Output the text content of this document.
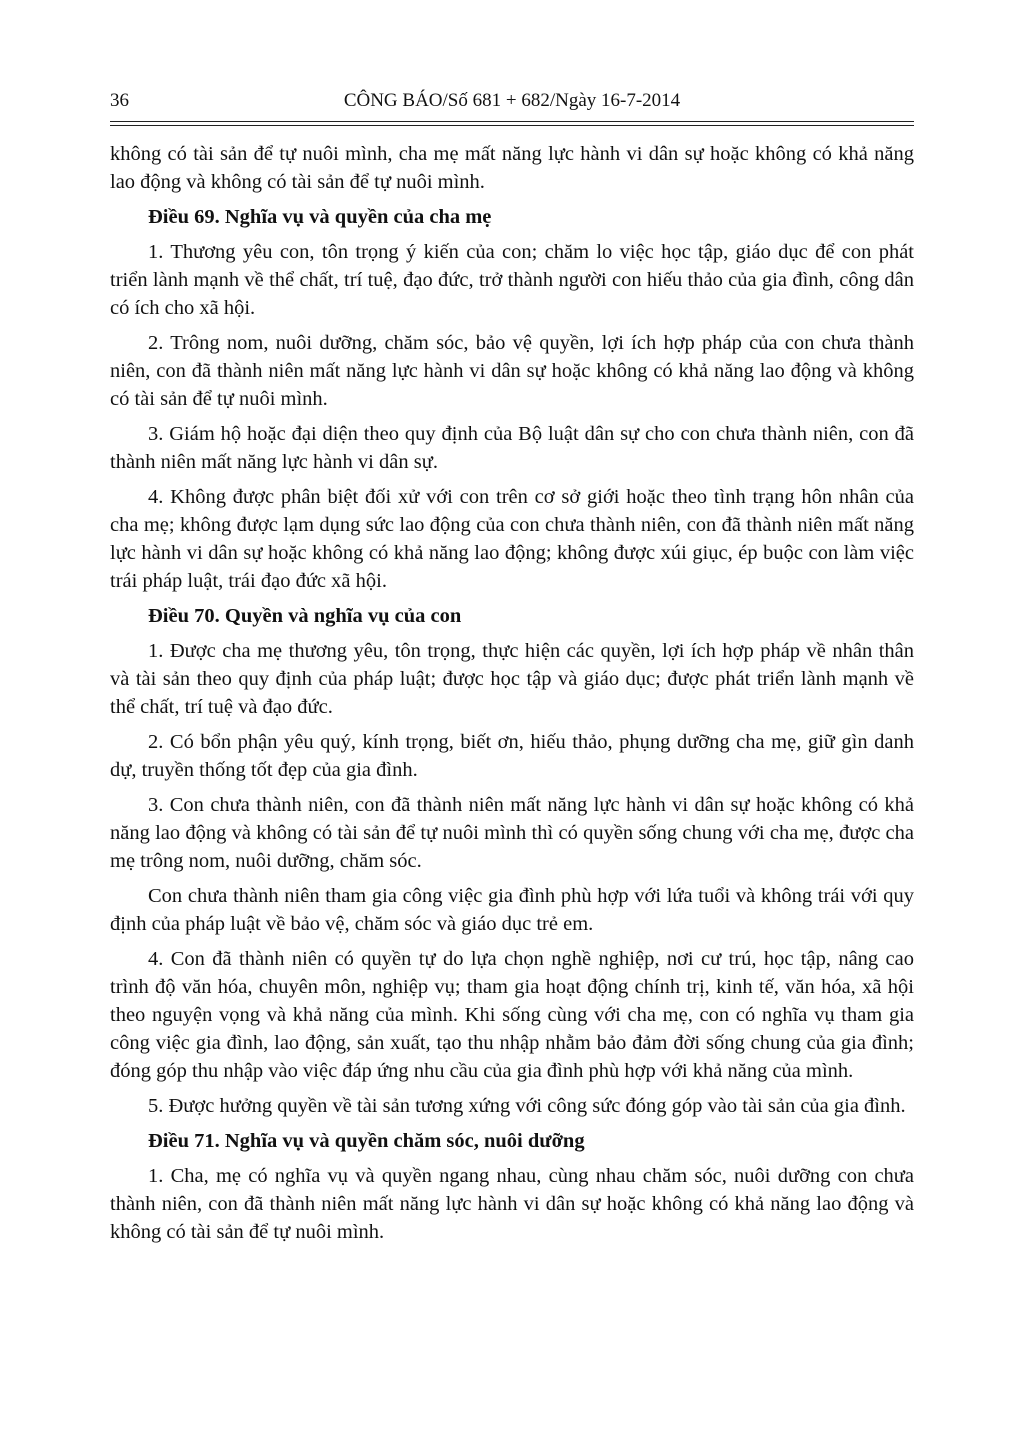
36	CÔNG BÁO/Số 681 + 682/Ngày 16-7-2014

không có tài sản để tự nuôi mình, cha mẹ mất năng lực hành vi dân sự hoặc không có khả năng lao động và không có tài sản để tự nuôi mình.

Điều 69. Nghĩa vụ và quyền của cha mẹ

1. Thương yêu con, tôn trọng ý kiến của con; chăm lo việc học tập, giáo dục để con phát triển lành mạnh về thể chất, trí tuệ, đạo đức, trở thành người con hiếu thảo của gia đình, công dân có ích cho xã hội.

2. Trông nom, nuôi dưỡng, chăm sóc, bảo vệ quyền, lợi ích hợp pháp của con chưa thành niên, con đã thành niên mất năng lực hành vi dân sự hoặc không có khả năng lao động và không có tài sản để tự nuôi mình.

3. Giám hộ hoặc đại diện theo quy định của Bộ luật dân sự cho con chưa thành niên, con đã thành niên mất năng lực hành vi dân sự.

4. Không được phân biệt đối xử với con trên cơ sở giới hoặc theo tình trạng hôn nhân của cha mẹ; không được lạm dụng sức lao động của con chưa thành niên, con đã thành niên mất năng lực hành vi dân sự hoặc không có khả năng lao động; không được xúi giục, ép buộc con làm việc trái pháp luật, trái đạo đức xã hội.

Điều 70. Quyền và nghĩa vụ của con

1. Được cha mẹ thương yêu, tôn trọng, thực hiện các quyền, lợi ích hợp pháp về nhân thân và tài sản theo quy định của pháp luật; được học tập và giáo dục; được phát triển lành mạnh về thể chất, trí tuệ và đạo đức.

2. Có bổn phận yêu quý, kính trọng, biết ơn, hiếu thảo, phụng dưỡng cha mẹ, giữ gìn danh dự, truyền thống tốt đẹp của gia đình.

3. Con chưa thành niên, con đã thành niên mất năng lực hành vi dân sự hoặc không có khả năng lao động và không có tài sản để tự nuôi mình thì có quyền sống chung với cha mẹ, được cha mẹ trông nom, nuôi dưỡng, chăm sóc.

Con chưa thành niên tham gia công việc gia đình phù hợp với lứa tuổi và không trái với quy định của pháp luật về bảo vệ, chăm sóc và giáo dục trẻ em.

4. Con đã thành niên có quyền tự do lựa chọn nghề nghiệp, nơi cư trú, học tập, nâng cao trình độ văn hóa, chuyên môn, nghiệp vụ; tham gia hoạt động chính trị, kinh tế, văn hóa, xã hội theo nguyện vọng và khả năng của mình. Khi sống cùng với cha mẹ, con có nghĩa vụ tham gia công việc gia đình, lao động, sản xuất, tạo thu nhập nhằm bảo đảm đời sống chung của gia đình; đóng góp thu nhập vào việc đáp ứng nhu cầu của gia đình phù hợp với khả năng của mình.

5. Được hưởng quyền về tài sản tương xứng với công sức đóng góp vào tài sản của gia đình.

Điều 71. Nghĩa vụ và quyền chăm sóc, nuôi dưỡng

1. Cha, mẹ có nghĩa vụ và quyền ngang nhau, cùng nhau chăm sóc, nuôi dưỡng con chưa thành niên, con đã thành niên mất năng lực hành vi dân sự hoặc không có khả năng lao động và không có tài sản để tự nuôi mình.
